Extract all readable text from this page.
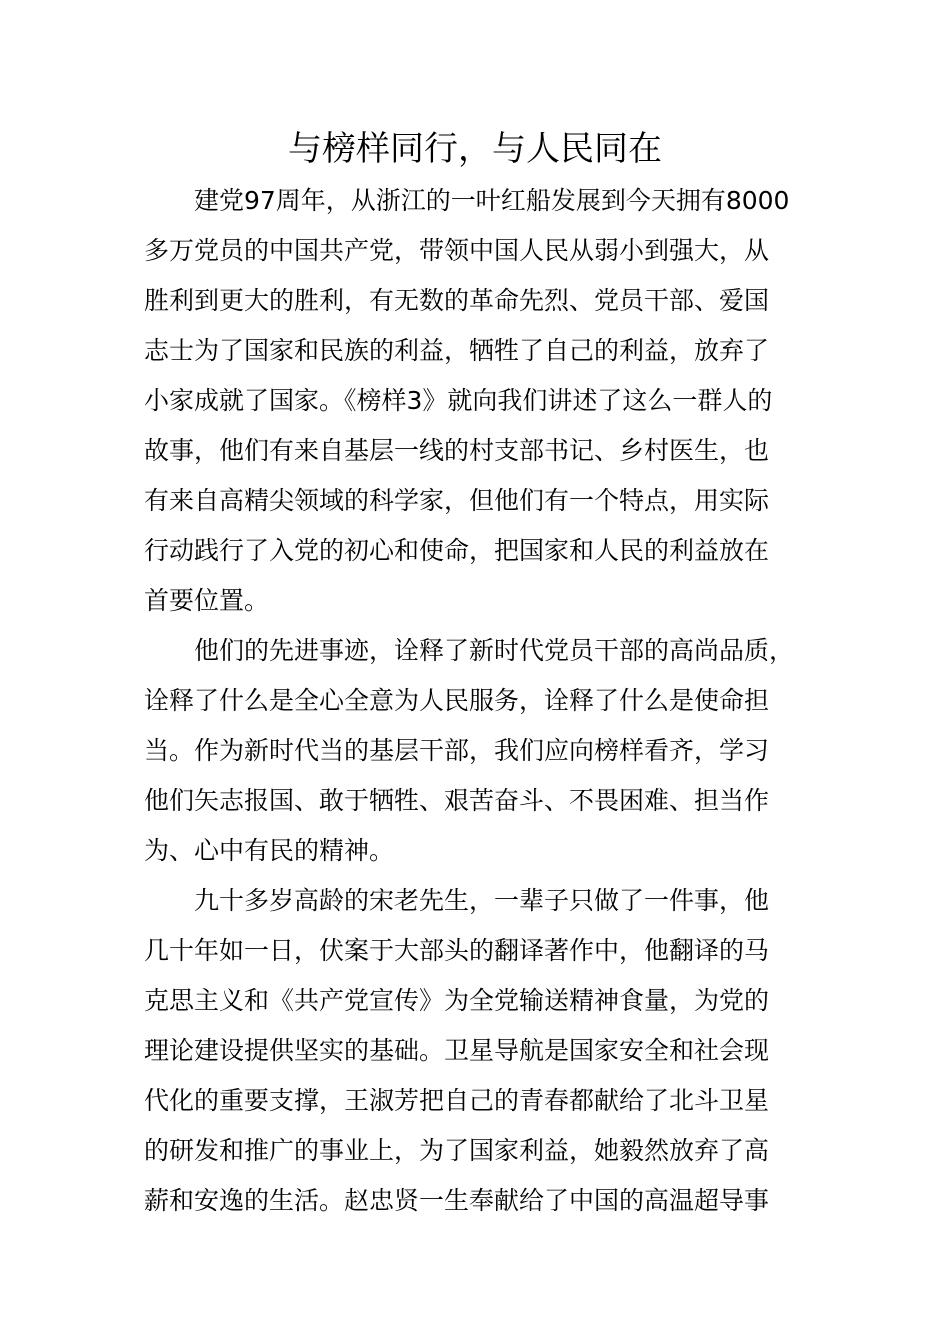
与榜样同行，与人民同在
建党97周年，从浙江的一叶红船发展到今天拥有8000
多万党员的中国共产党，带领中国人民从弱小到强大，从
胜利到更大的胜利，有无数的革命先烈、党员干部、爱国
志士为了国家和民族的利益，牺牲了自己的利益，放弃了
小家成就了国家。《榜样3》就向我们讲述了这么一群人的
故事，他们有来自基层一线的村支部书记、乡村医生，也
有来自高精尖领域的科学家，但他们有一个特点，用实际
行动践行了入党的初心和使命，把国家和人民的利益放在
首要位置。
他们的先进事迹，诠释了新时代党员干部的高尚品质，
诠释了什么是全心全意为人民服务，诠释了什么是使命担
当。作为新时代当的基层干部，我们应向榜样看齐，学习
他们矢志报国、敢于牺牲、艰苦奋斗、不畏困难、担当作
为、心中有民的精神。
九十多岁高龄的宋老先生，一辈子只做了一件事，他
几十年如一日，伏案于大部头的翻译著作中，他翻译的马
克思主义和《共产党宣传》为全党输送精神食量，为党的
理论建设提供坚实的基础。卫星导航是国家安全和社会现
代化的重要支撑，王淑芳把自己的青春都献给了北斗卫星
的研发和推广的事业上，为了国家利益，她毅然放弃了高
薪和安逸的生活。赵忠贤一生奉献给了中国的高温超导事
